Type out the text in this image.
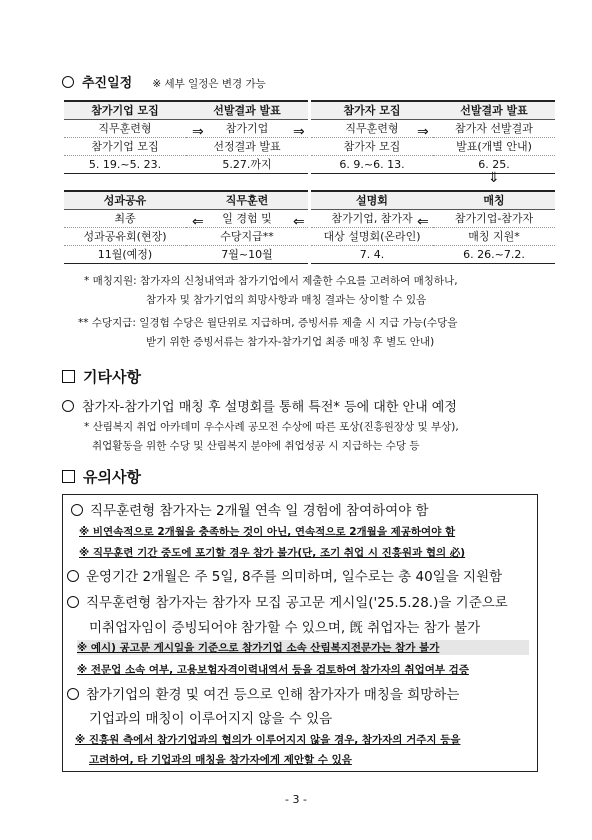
추진일정 ※ 세부 일정은 변경 가능
참가기업 모집
직무훈련형
참가기업 모집
5. 19.~5. 23.
⇒
선발결과 발표
참가기업
선정결과 발표
5.27.까지
⇒
참가자 모집
직무훈련형
참가자 모집
6. 9.~6. 13.
⇒
선발결과 발표
참가자 선발결과
발표(개별 안내)
6. 25.
⇓
성과공유
최종
성과공유회(현장)
11월(예정)
⇐
직무훈련
일 경험 및
수당지급**
7월~10월
⇐
설명회
참가기업, 참가자
대상 설명회(온라인)
7. 4.
⇐
매칭
참가기업-참가자
매칭 지원*
6. 26.~7.2.
* 매칭지원: 참가자의 신청내역과 참가기업에서 제출한 수요를 고려하여 매칭하나,
참가자 및 참가기업의 희망사항과 매칭 결과는 상이할 수 있음
** 수당지급: 일경험 수당은 월단위로 지급하며, 증빙서류 제출 시 지급 가능(수당을
받기 위한 증빙서류는 참가자-참가기업 최종 매칭 후 별도 안내)
기타사항
참가자-참가기업 매칭 후 설명회를 통해 특전* 등에 대한 안내 예정
* 산림복지 취업 아카데미 우수사례 공모전 수상에 따른 포상(진흥원장상 및 부상),
취업활동을 위한 수당 및 산림복지 분야에 취업성공 시 지급하는 수당 등
유의사항
직무훈련형 참가자는 2개월 연속 일 경험에 참여하여야 함
※ 비연속적으로 2개월을 충족하는 것이 아닌, 연속적으로 2개월을 제공하여야 함
※ 직무훈련 기간 중도에 포기할 경우 참가 불가(단, 조기 취업 시 진흥원과 협의 必)
운영기간 2개월은 주 5일, 8주를 의미하며, 일수로는 총 40일을 지원함
직무훈련형 참가자는 참가자 모집 공고문 게시일('25.5.28.)을 기준으로
미취업자임이 증빙되어야 참가할 수 있으며, 旣 취업자는 참가 불가
※ 예시) 공고문 게시일을 기준으로 참가기업 소속 산림복지전문가는 참가 불가
※ 전문업 소속 여부, 고용보험자격이력내역서 등을 검토하여 참가자의 취업여부 검증
참가기업의 환경 및 여건 등으로 인해 참가자가 매칭을 희망하는
기업과의 매칭이 이루어지지 않을 수 있음
※ 진흥원 측에서 참가기업과의 협의가 이루어지지 않을 경우, 참가자의 거주지 등을
고려하여, 타 기업과의 매칭을 참가자에게 제안할 수 있음
- 3 -
